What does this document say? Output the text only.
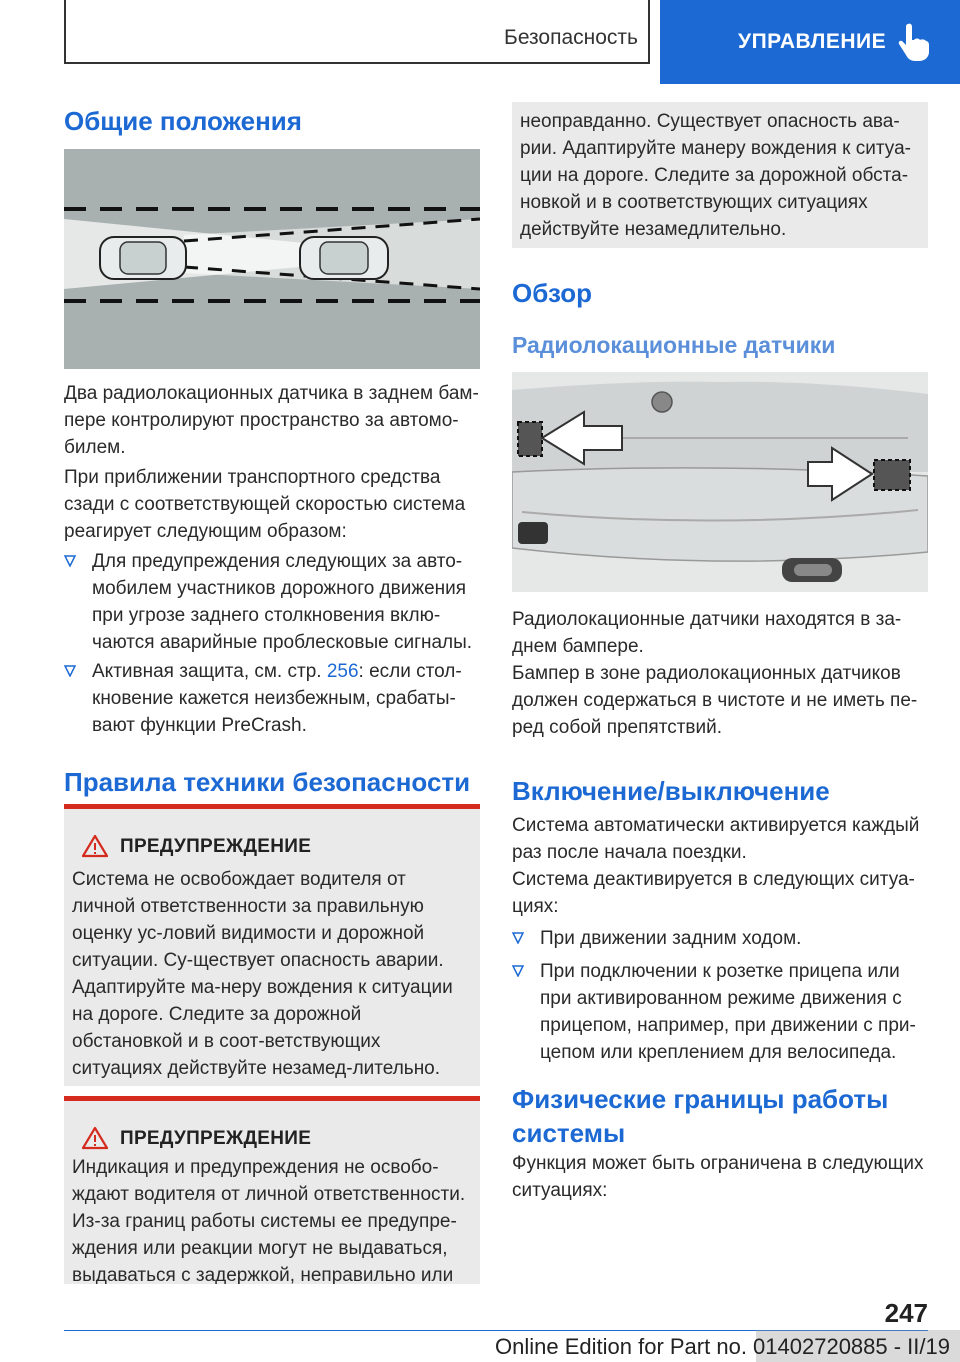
Безопасность	УПРАВЛЕНИЕ
Общие положения
Два радиолокационных датчика в заднем бам-пере контролируют пространство за автомо-билем.
При приближении транспортного средства сзади с соответствующей скоростью система реагирует следующим образом:
Для предупреждения следующих за авто-мобилем участников дорожного движения при угрозе заднего столкновения вклю-чаются аварийные проблесковые сигналы.
Активная защита, см. стр. 256: если стол-кновение кажется неизбежным, срабаты-вают функции PreCrash.
Правила техники безопасности
ПРЕДУПРЕЖДЕНИЕ
Система не освобождает водителя от личной ответственности за правильную оценку ус-ловий видимости и дорожной ситуации. Су-ществует опасность аварии. Адаптируйте ма-неру вождения к ситуации на дороге. Следите за дорожной обстановкой и в соот-ветствующих ситуациях действуйте незамед-лительно.
ПРЕДУПРЕЖДЕНИЕ
Индикация и предупреждения не освобо-ждают водителя от личной ответственности. Из-за границ работы системы ее предупре-ждения или реакции могут не выдаваться, выдаваться с задержкой, неправильно или
неоправданно. Существует опасность ава-рии. Адаптируйте манеру вождения к ситуа-ции на дороге. Следите за дорожной обста-новкой и в соответствующих ситуациях действуйте незамедлительно.
Обзор
Радиолокационные датчики
Радиолокационные датчики находятся в за-днем бампере.
Бампер в зоне радиолокационных датчиков должен содержаться в чистоте и не иметь пе-ред собой препятствий.
Включение/выключение
Система автоматически активируется каждый раз после начала поездки.
Система деактивируется в следующих ситуа-циях:
При движении задним ходом.
При подключении к розетке прицепа или при активированном режиме движения с прицепом, например, при движении с при-цепом или креплением для велосипеда.
Физические границы работы системы
Функция может быть ограничена в следующих ситуациях:
247
Online Edition for Part no. 01402720885 - II/19
